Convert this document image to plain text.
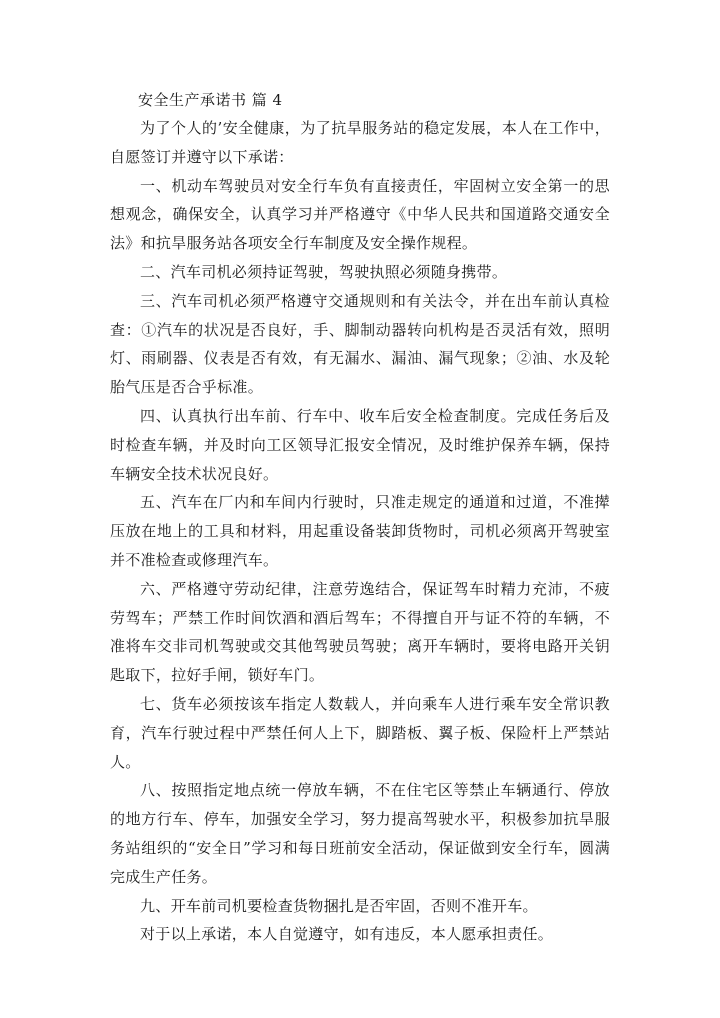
安全生产承诺书 篇 4

为了个人的’安全健康，为了抗旱服务站的稳定发展，本人在工作中，自愿签订并遵守以下承诺：

一、机动车驾驶员对安全行车负有直接责任，牢固树立安全第一的思想观念，确保安全，认真学习并严格遵守《中华人民共和国道路交通安全法》和抗旱服务站各项安全行车制度及安全操作规程。

二、汽车司机必须持证驾驶，驾驶执照必须随身携带。

三、汽车司机必须严格遵守交通规则和有关法令，并在出车前认真检查：①汽车的状况是否良好，手、脚制动器转向机构是否灵活有效，照明灯、雨刷器、仪表是否有效，有无漏水、漏油、漏气现象；②油、水及轮胎气压是否合乎标准。

四、认真执行出车前、行车中、收车后安全检查制度。完成任务后及时检查车辆，并及时向工区领导汇报安全情况，及时维护保养车辆，保持车辆安全技术状况良好。

五、汽车在厂内和车间内行驶时，只准走规定的通道和过道，不准撵压放在地上的工具和材料，用起重设备装卸货物时，司机必须离开驾驶室并不准检查或修理汽车。

六、严格遵守劳动纪律，注意劳逸结合，保证驾车时精力充沛，不疲劳驾车；严禁工作时间饮酒和酒后驾车；不得擅自开与证不符的车辆，不准将车交非司机驾驶或交其他驾驶员驾驶；离开车辆时，要将电路开关钥匙取下，拉好手闸，锁好车门。

七、货车必须按该车指定人数载人，并向乘车人进行乘车安全常识教育，汽车行驶过程中严禁任何人上下，脚踏板、翼子板、保险杆上严禁站人。

八、按照指定地点统一停放车辆，不在住宅区等禁止车辆通行、停放的地方行车、停车，加强安全学习，努力提高驾驶水平，积极参加抗旱服务站组织的“安全日”学习和每日班前安全活动，保证做到安全行车，圆满完成生产任务。

九、开车前司机要检查货物捆扎是否牢固，否则不准开车。

对于以上承诺，本人自觉遵守，如有违反，本人愿承担责任。
